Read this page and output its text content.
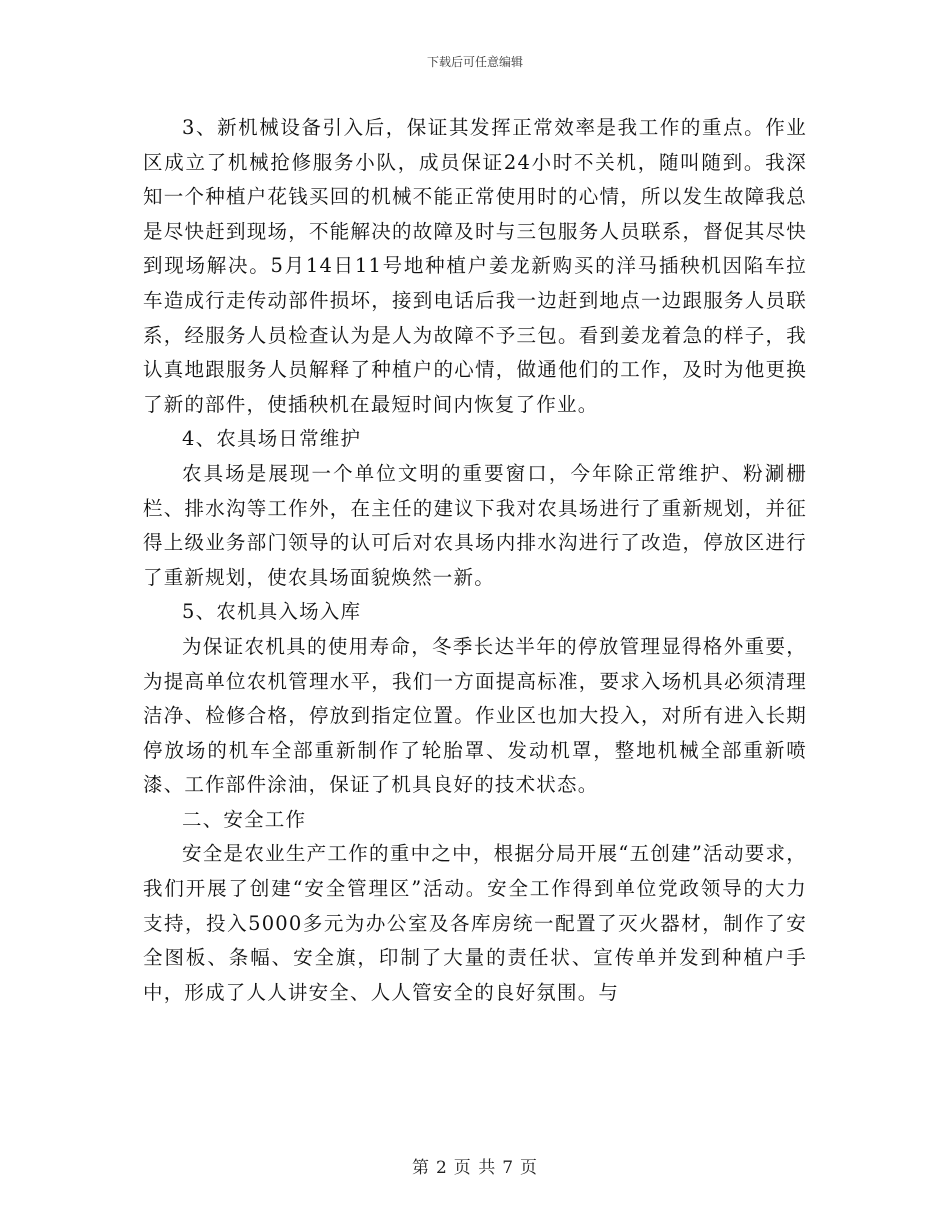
下载后可任意编辑

3、新机械设备引入后，保证其发挥正常效率是我工作的重点。作业区成立了机械抢修服务小队，成员保证24小时不关机，随叫随到。我深知一个种植户花钱买回的机械不能正常使用时的心情，所以发生故障我总是尽快赶到现场，不能解决的故障及时与三包服务人员联系，督促其尽快到现场解决。5月14日11号地种植户姜龙新购买的洋马插秧机因陷车拉车造成行走传动部件损坏，接到电话后我一边赶到地点一边跟服务人员联系，经服务人员检查认为是人为故障不予三包。看到姜龙着急的样子，我认真地跟服务人员解释了种植户的心情，做通他们的工作，及时为他更换了新的部件，使插秧机在最短时间内恢复了作业。

4、农具场日常维护

农具场是展现一个单位文明的重要窗口，今年除正常维护、粉涮栅栏、排水沟等工作外，在主任的建议下我对农具场进行了重新规划，并征得上级业务部门领导的认可后对农具场内排水沟进行了改造，停放区进行了重新规划，使农具场面貌焕然一新。

5、农机具入场入库

为保证农机具的使用寿命，冬季长达半年的停放管理显得格外重要，为提高单位农机管理水平，我们一方面提高标准，要求入场机具必须清理洁净、检修合格，停放到指定位置。作业区也加大投入，对所有进入长期停放场的机车全部重新制作了轮胎罩、发动机罩，整地机械全部重新喷漆、工作部件涂油，保证了机具良好的技术状态。

二、安全工作

安全是农业生产工作的重中之中，根据分局开展“五创建”活动要求，我们开展了创建“安全管理区”活动。安全工作得到单位党政领导的大力支持，投入5000多元为办公室及各库房统一配置了灭火器材，制作了安全图板、条幅、安全旗，印制了大量的责任状、宣传单并发到种植户手中，形成了人人讲安全、人人管安全的良好氛围。与

第 2 页 共 7 页
